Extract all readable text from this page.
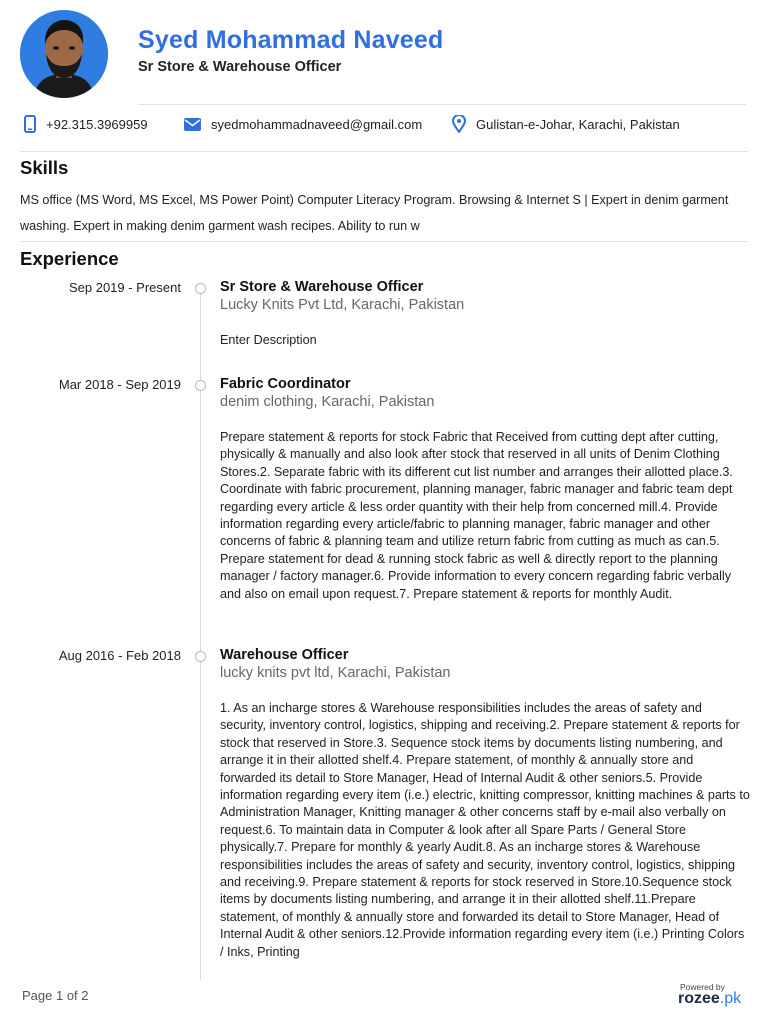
Syed Mohammad Naveed
Sr Store & Warehouse Officer
+92.315.3969959	syedmohammadnaveed@gmail.com	Gulistan-e-Johar, Karachi, Pakistan
Skills
MS office (MS Word, MS Excel, MS Power Point) Computer Literacy Program. Browsing & Internet S | Expert in denim garment washing. Expert in making denim garment wash recipes. Ability to run w
Experience
Sep 2019 - Present	Sr Store & Warehouse Officer
Lucky Knits Pvt Ltd, Karachi, Pakistan
Enter Description
Mar 2018 - Sep 2019	Fabric Coordinator
denim clothing, Karachi, Pakistan
Prepare statement & reports for stock Fabric that Received from cutting dept after cutting, physically & manually and also look after stock that reserved in all units of Denim Clothing Stores.2. Separate fabric with its different cut list number and arranges their allotted place.3. Coordinate with fabric procurement, planning manager, fabric manager and fabric team dept regarding every article & less order quantity with their help from concerned mill.4. Provide information regarding every article/fabric to planning manager, fabric manager and other concerns of fabric & planning team and utilize return fabric from cutting as much as can.5. Prepare statement for dead & running stock fabric as well & directly report to the planning manager / factory manager.6. Provide information to every concern regarding fabric verbally and also on email upon request.7. Prepare statement & reports for monthly Audit.
Aug 2016 - Feb 2018	Warehouse Officer
lucky knits pvt ltd, Karachi, Pakistan
1. As an incharge stores & Warehouse responsibilities includes the areas of safety and security, inventory control, logistics, shipping and receiving.2. Prepare statement & reports for stock that reserved in Store.3. Sequence stock items by documents listing numbering, and arrange it in their allotted shelf.4. Prepare statement, of monthly & annually store and forwarded its detail to Store Manager, Head of Internal Audit & other seniors.5. Provide information regarding every item (i.e.) electric, knitting compressor, knitting machines & parts to Administration Manager, Knitting manager & other concerns staff by e-mail also verbally on request.6. To maintain data in Computer & look after all Spare Parts / General Store physically.7. Prepare for monthly & yearly Audit.8. As an incharge stores & Warehouse responsibilities includes the areas of safety and security, inventory control, logistics, shipping and receiving.9. Prepare statement & reports for stock reserved in Store.10.Sequence stock items by documents listing numbering, and arrange it in their allotted shelf.11.Prepare statement, of monthly & annually store and forwarded its detail to Store Manager, Head of Internal Audit & other seniors.12.Provide information regarding every item (i.e.) Printing Colors / Inks, Printing
Page 1 of 2
Powered by
rozee.pk
